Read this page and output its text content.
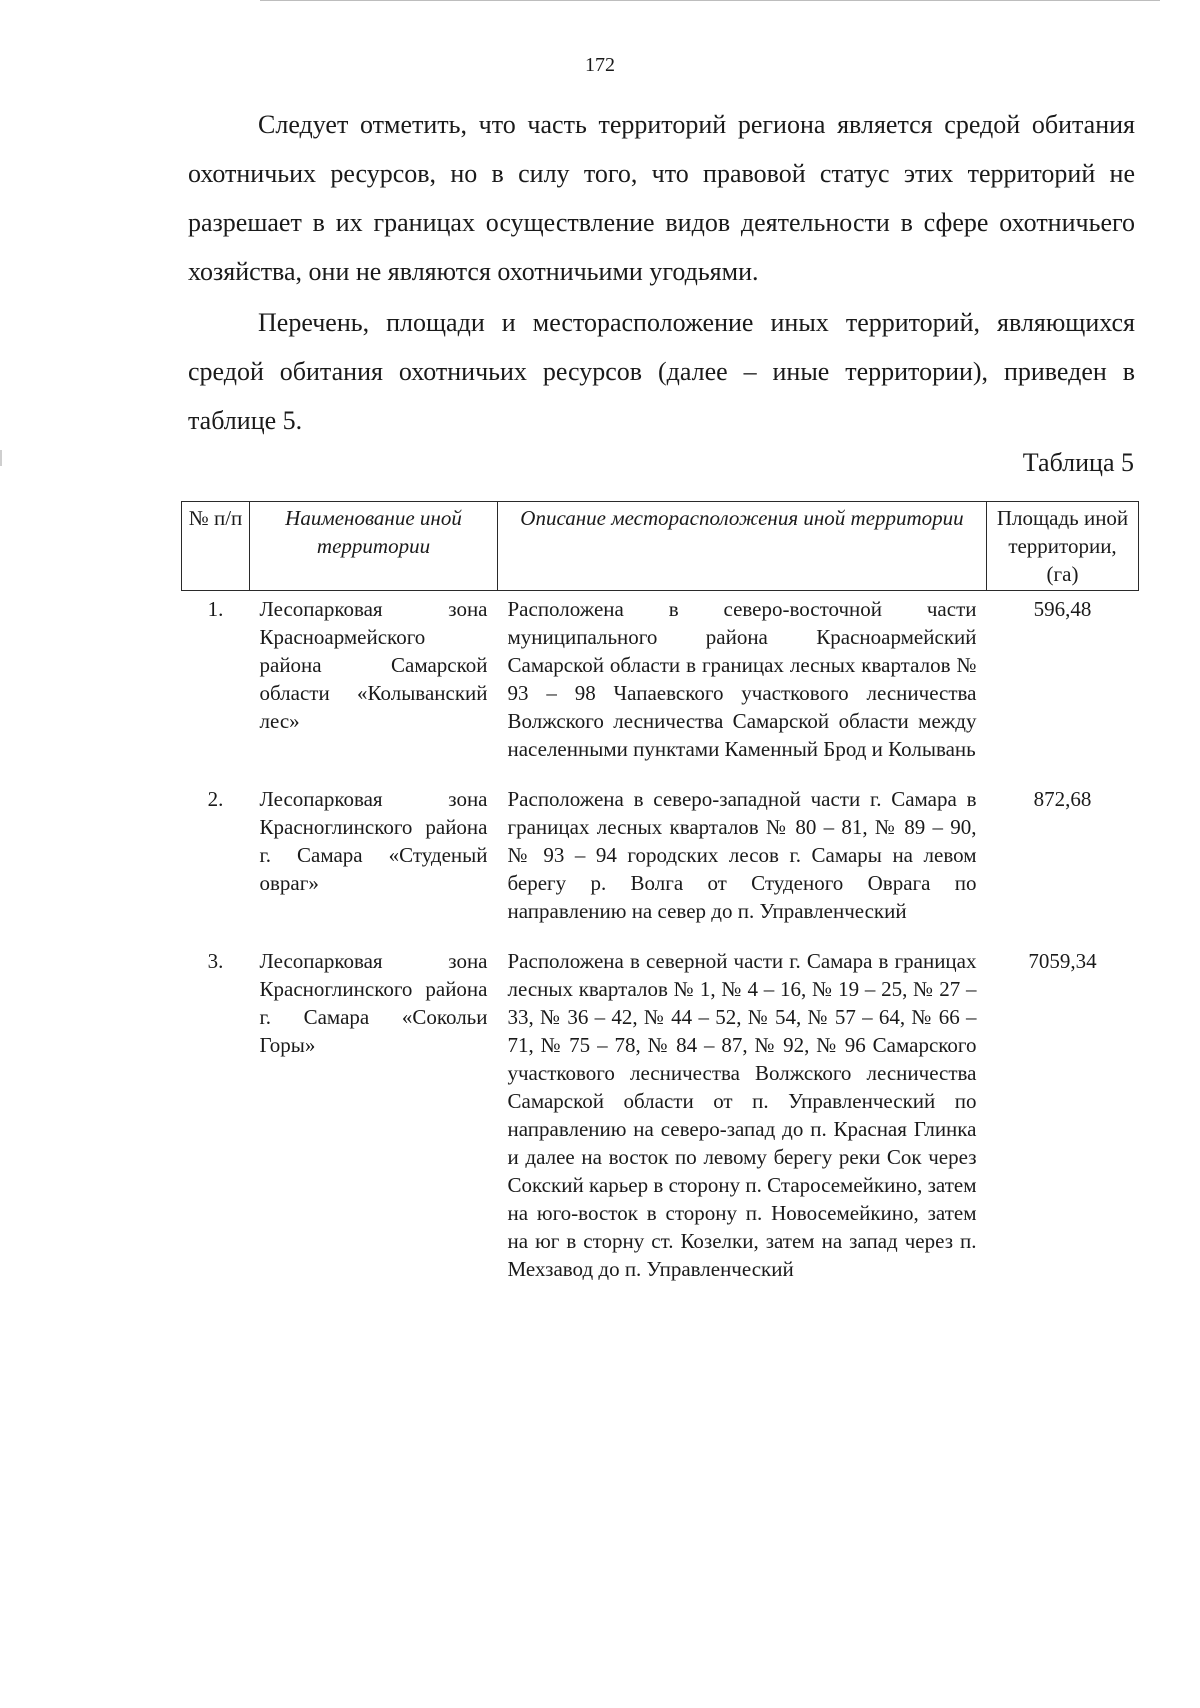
172

Следует отметить, что часть территорий региона является средой обитания охотничьих ресурсов, но в силу того, что правовой статус этих территорий не разрешает в их границах осуществление видов деятельности в сфере охотничьего хозяйства, они не являются охотничьими угодьями.

Перечень, площади и месторасположение иных территорий, являющихся средой обитания охотничьих ресурсов (далее – иные территории), приведен в таблице 5.

Таблица 5
№ п/п	Наименование иной территории	Описание месторасположения иной территории	Площадь иной территории, (га)
1.	Лесопарковая зона Красноармейского района Самарской области «Колыванский лес»	Расположена в северо-восточной части муниципального района Красноармейский Самарской области в границах лесных кварталов № 93 – 98 Чапаевского участкового лесничества Волжского лесничества Самарской области между населенными пунктами Каменный Брод и Колывань	596,48
2.	Лесопарковая зона Красноглинского района г. Самара «Студеный овраг»	Расположена в северо-западной части г. Самара в границах лесных кварталов № 80 – 81, № 89 – 90, № 93 – 94 городских лесов г. Самары на левом берегу р. Волга от Студеного Оврага по направлению на север до п. Управленческий	872,68
3.	Лесопарковая зона Красноглинского района г. Самара «Сокольи Горы»	Расположена в северной части г. Самара в границах лесных кварталов № 1, № 4 – 16, № 19 – 25, № 27 – 33, № 36 – 42, № 44 – 52, № 54, № 57 – 64, № 66 – 71, № 75 – 78, № 84 – 87, № 92, № 96 Самарского участкового лесничества Волжского лесничества Самарской области от п. Управленческий по направлению на северо-запад до п. Красная Глинка и далее на восток по левому берегу реки Сок через Сокский карьер в сторону п. Старосемейкино, затем на юго-восток в сторону п. Новосемейкино, затем на юг в сторну ст. Козелки, затем на запад через п. Мехзавод до п. Управленческий	7059,34
